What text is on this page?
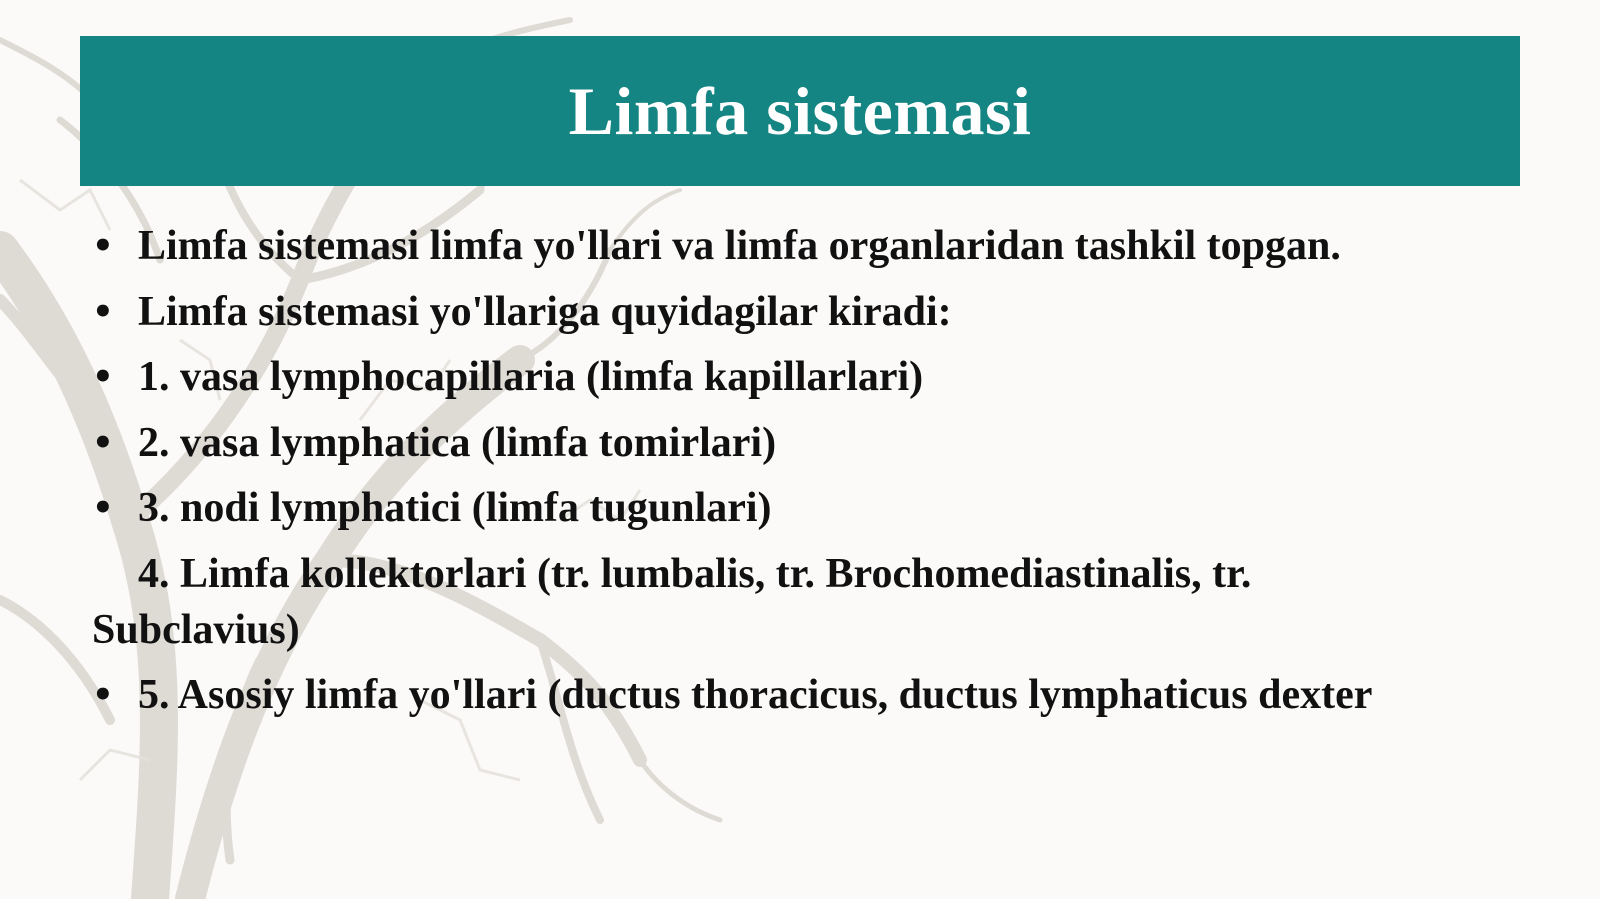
Limfa sistemasi
• Limfa sistemasi limfa yo'llari va limfa organlaridan tashkil topgan.
• Limfa sistemasi yo'llariga quyidagilar kiradi:
• 1. vasa lymphocapillaria (limfa kapillarlari)
• 2. vasa lymphatica (limfa tomirlari)
• 3. nodi lymphatici (limfa tugunlari)
4. Limfa kollektorlari (tr. lumbalis, tr. Brochomediastinalis, tr. Subclavius)
• 5. Asosiy limfa yo'llari (ductus thoracicus, ductus lymphaticus dexter
